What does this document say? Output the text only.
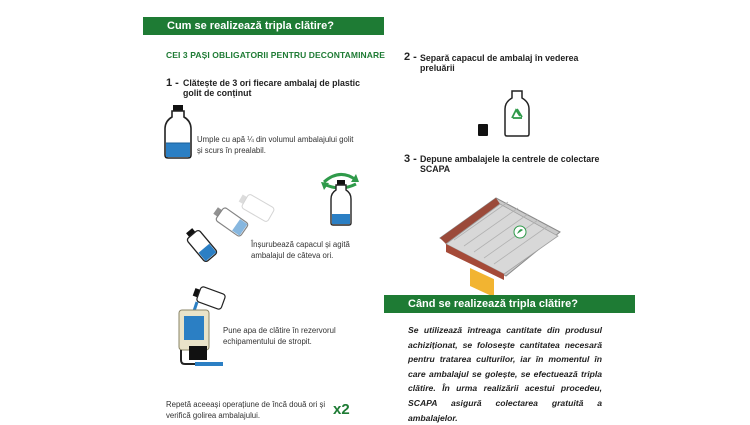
Cum se realizează tripla clătire?
CEI 3 PAȘI OBLIGATORII PENTRU DECONTAMINARE
1 - Clătește de 3 ori fiecare ambalaj de plastic golit de conținut
Umple cu apă ¼ din volumul ambalajului golit și scurs în prealabil.
Înșurubează capacul și agită ambalajul de câteva ori.
Pune apa de clătire în rezervorul echipamentului de stropit.
Repetă aceeași operațiune de încă două ori și verifică golirea ambalajului.	x2
2 - Separă capacul de ambalaj în vederea preluării
3 - Depune ambalajele la centrele de colectare SCAPA
Când se realizează tripla clătire?
Se utilizează întreaga cantitate din produsul achiziționat, se folosește cantitatea necesară pentru tratarea culturilor, iar în momentul în care ambalajul se golește, se efectuează tripla clătire. În urma realizării acestui procedeu, SCAPA asigură colectarea gratuită a ambalajelor.
